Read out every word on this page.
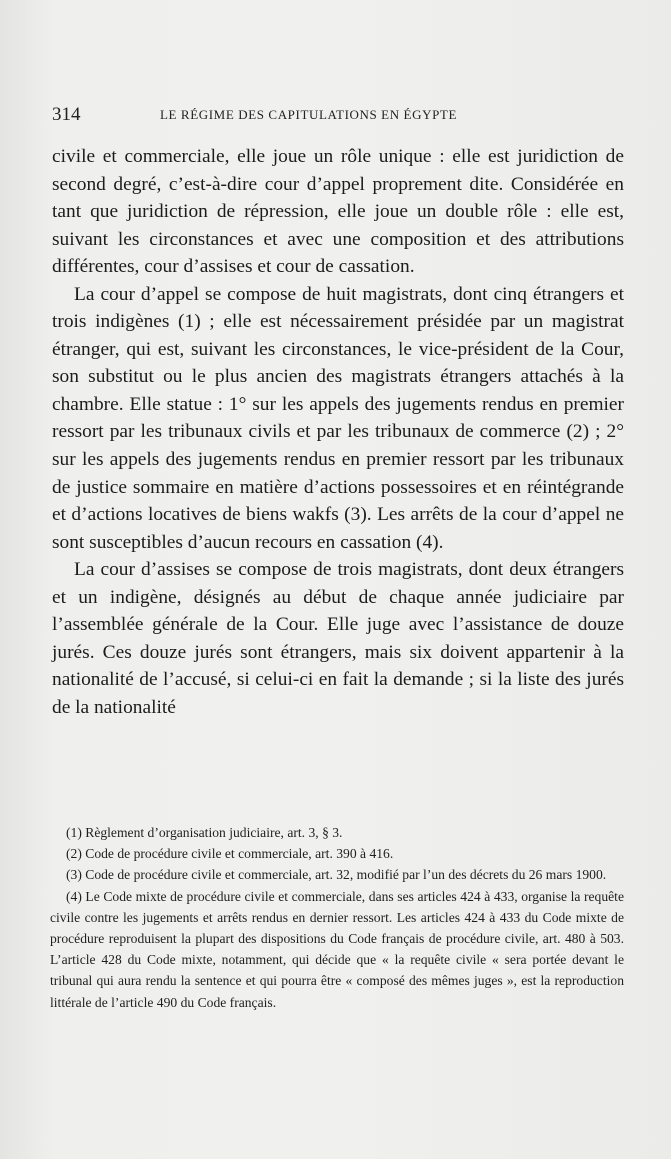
314	LE RÉGIME DES CAPITULATIONS EN ÉGYPTE

civile et commerciale, elle joue un rôle unique : elle est juridiction de second degré, c’est-à-dire cour d’appel proprement dite. Considérée en tant que juridiction de répression, elle joue un double rôle : elle est, suivant les circonstances et avec une composition et des attributions différentes, cour d’assises et cour de cassation.

La cour d’appel se compose de huit magistrats, dont cinq étrangers et trois indigènes (1) ; elle est nécessairement présidée par un magistrat étranger, qui est, suivant les circonstances, le vice-président de la Cour, son substitut ou le plus ancien des magistrats étrangers attachés à la chambre. Elle statue : 1° sur les appels des jugements rendus en premier ressort par les tribunaux civils et par les tribunaux de commerce (2) ; 2° sur les appels des jugements rendus en premier ressort par les tribunaux de justice sommaire en matière d’actions possessoires et en réintégrande et d’actions locatives de biens wakfs (3). Les arrêts de la cour d’appel ne sont susceptibles d’aucun recours en cassation (4).

La cour d’assises se compose de trois magistrats, dont deux étrangers et un indigène, désignés au début de chaque année judiciaire par l’assemblée générale de la Cour. Elle juge avec l’assistance de douze jurés. Ces douze jurés sont étrangers, mais six doivent appartenir à la nationalité de l’accusé, si celui-ci en fait la demande ; si la liste des jurés de la nationalité

(1) Règlement d’organisation judiciaire, art. 3, § 3.

(2) Code de procédure civile et commerciale, art. 390 à 416.

(3) Code de procédure civile et commerciale, art. 32, modifié par l’un des décrets du 26 mars 1900.

(4) Le Code mixte de procédure civile et commerciale, dans ses articles 424 à 433, organise la requête civile contre les jugements et arrêts rendus en dernier ressort. Les articles 424 à 433 du Code mixte de procédure reproduisent la plupart des dispositions du Code français de procédure civile, art. 480 à 503. L’article 428 du Code mixte, notamment, qui décide que « la requête civile « sera portée devant le tribunal qui aura rendu la sentence et qui pourra être « composé des mêmes juges », est la reproduction littérale de l’article 490 du Code français.
